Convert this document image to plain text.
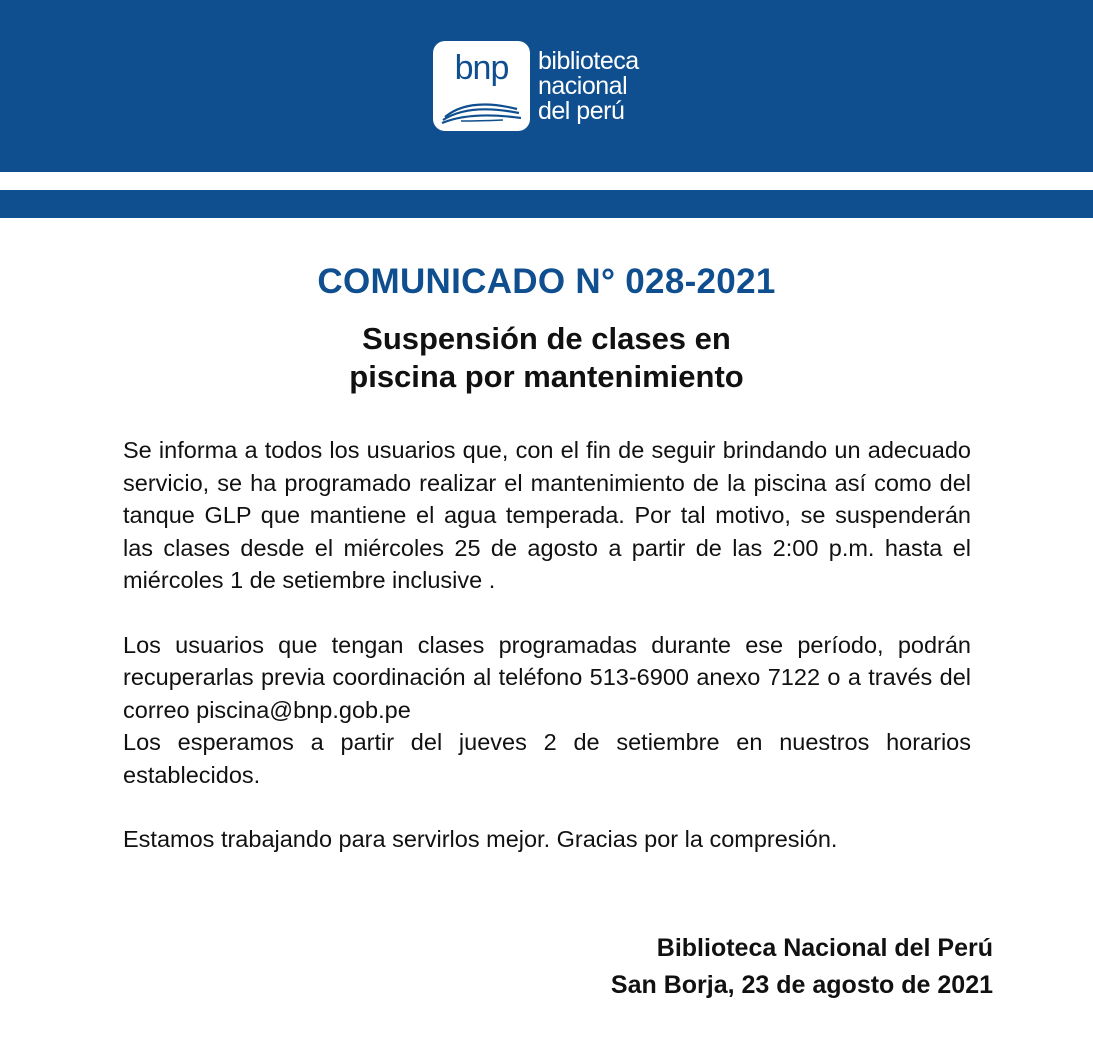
bnp	biblioteca
nacional
del perú
COMUNICADO N° 028-2021
Suspensión de clases en
piscina por mantenimiento

Se informa a todos los usuarios que, con el fin de seguir brindando un adecuado servicio, se ha programado realizar el mantenimiento de la piscina así como del tanque GLP que mantiene el agua temperada. Por tal motivo, se suspenderán las clases desde el miércoles 25 de agosto a partir de las 2:00 p.m. hasta el miércoles 1 de setiembre inclusive .

Los usuarios que tengan clases programadas durante ese período, podrán recuperarlas previa coordinación al teléfono 513-6900 anexo 7122 o a través del correo piscina@bnp.gob.pe

Los esperamos a partir del jueves 2 de setiembre en nuestros horarios establecidos.

Estamos trabajando para servirlos mejor. Gracias por la compresión.

Biblioteca Nacional del Perú
San Borja, 23 de agosto de 2021
